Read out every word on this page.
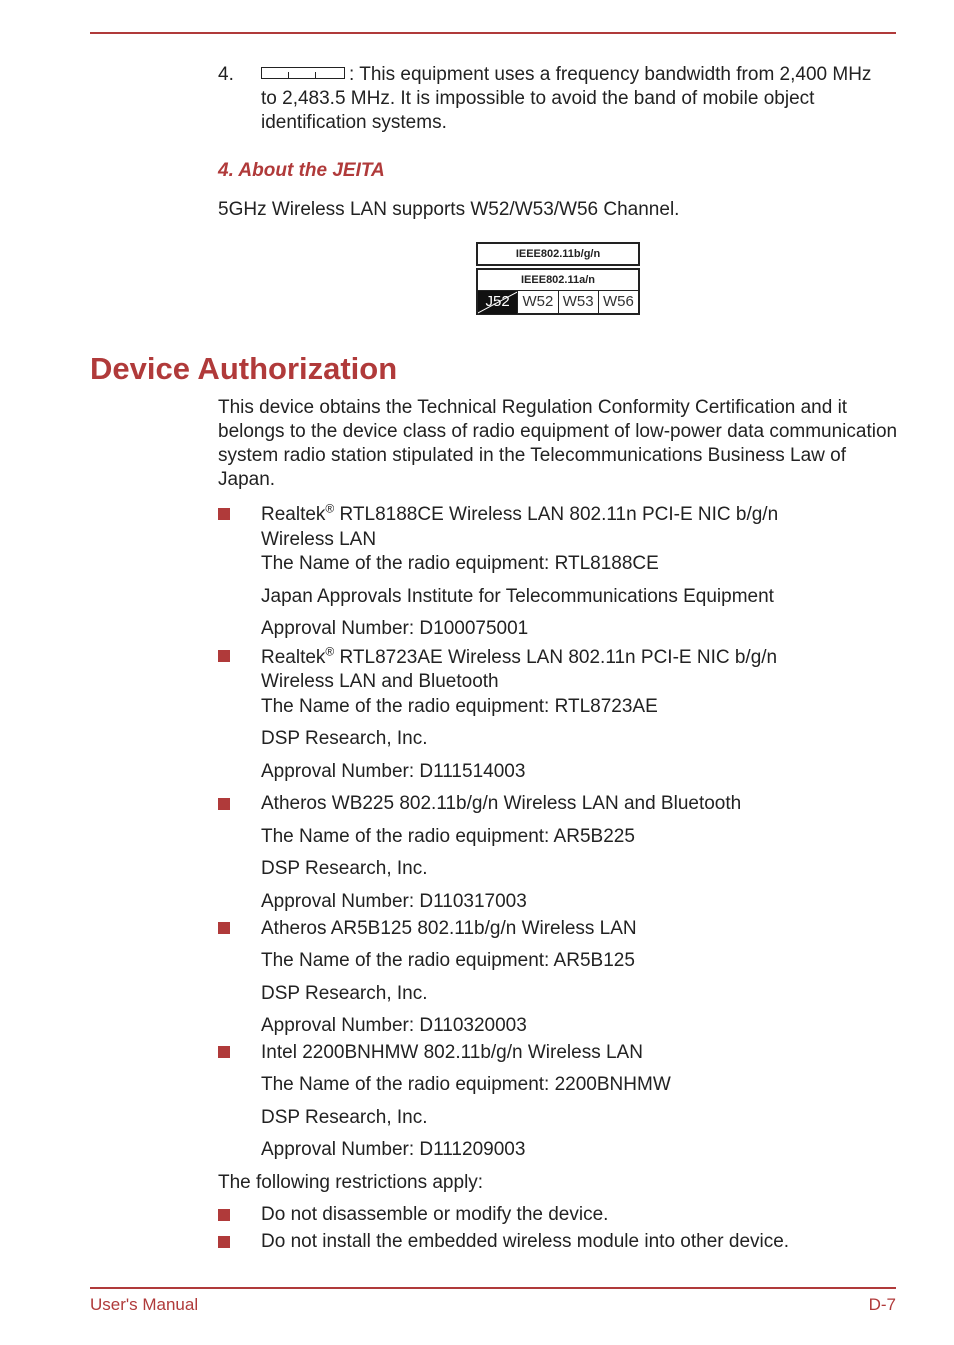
4.	: This equipment uses a frequency bandwidth from 2,400 MHz to 2,483.5 MHz. It is impossible to avoid the band of mobile object identification systems.
4. About the JEITA
5GHz Wireless LAN supports W52/W53/W56 Channel.
IEEE802.11b/g/n
IEEE802.11a/n
J52 W52 W53 W56
Device Authorization
This device obtains the Technical Regulation Conformity Certification and it belongs to the device class of radio equipment of low-power data communication system radio station stipulated in the Telecommunications Business Law of Japan.
Realtek® RTL8188CE Wireless LAN 802.11n PCI-E NIC b/g/n
Wireless LAN
The Name of the radio equipment: RTL8188CE
Japan Approvals Institute for Telecommunications Equipment
Approval Number: D100075001
Realtek® RTL8723AE Wireless LAN 802.11n PCI-E NIC b/g/n
Wireless LAN and Bluetooth
The Name of the radio equipment: RTL8723AE
DSP Research, Inc.
Approval Number: D111514003
Atheros WB225 802.11b/g/n Wireless LAN and Bluetooth
The Name of the radio equipment: AR5B225
DSP Research, Inc.
Approval Number: D110317003
Atheros AR5B125 802.11b/g/n Wireless LAN
The Name of the radio equipment: AR5B125
DSP Research, Inc.
Approval Number: D110320003
Intel 2200BNHMW 802.11b/g/n Wireless LAN
The Name of the radio equipment: 2200BNHMW
DSP Research, Inc.
Approval Number: D111209003
The following restrictions apply:
Do not disassemble or modify the device.
Do not install the embedded wireless module into other device.
User's Manual	D-7
